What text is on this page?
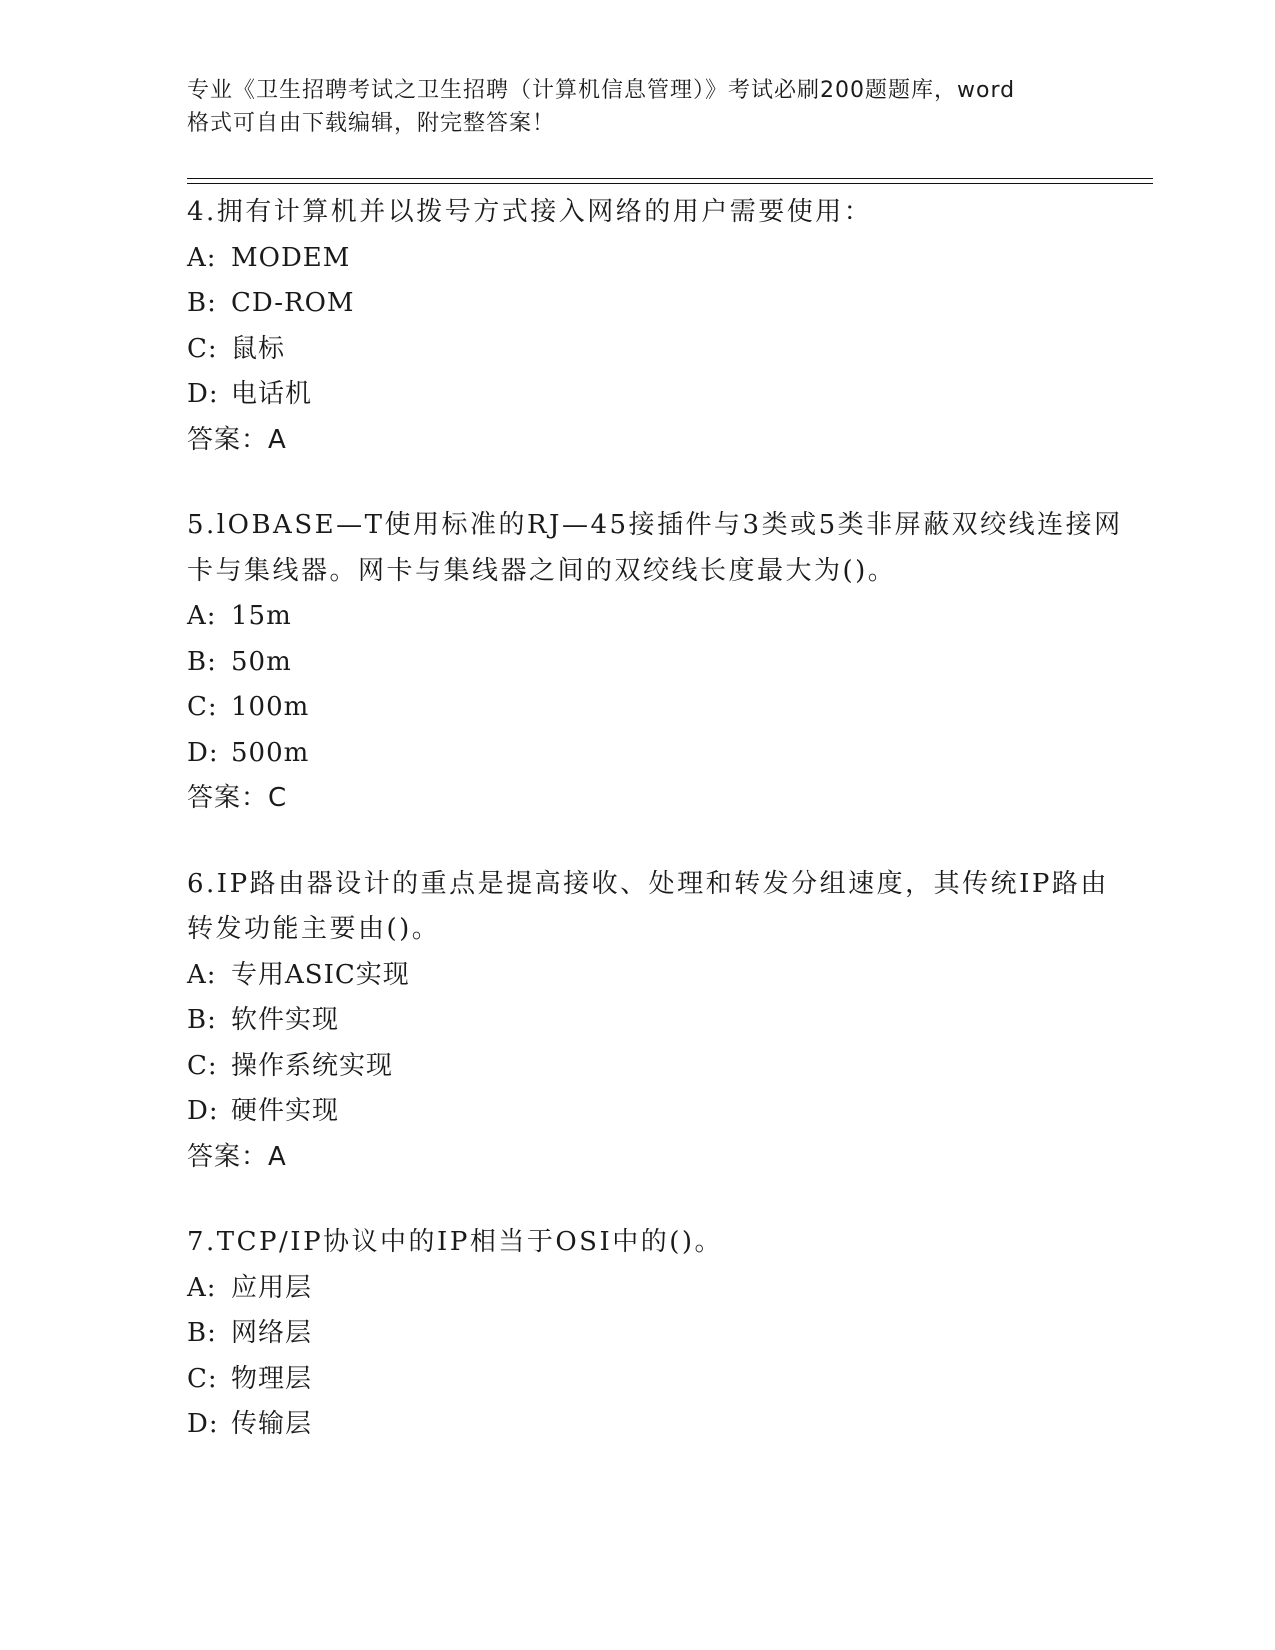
专业《卫生招聘考试之卫生招聘（计算机信息管理）》考试必刷200题题库，word

格式可自由下载编辑，附完整答案！

4.拥有计算机并以拨号方式接入网络的用户需要使用：

A: MODEM

B: CD-ROM

C: 鼠标

D: 电话机

答案：A

5.lOBASE—T使用标准的RJ—45接插件与3类或5类非屏蔽双绞线连接网卡与集线器。网卡与集线器之间的双绞线长度最大为()。

A: 15m

B: 50m

C: 100m

D: 500m

答案：C

6.IP路由器设计的重点是提高接收、处理和转发分组速度，其传统IP路由转发功能主要由()。

A: 专用ASIC实现

B: 软件实现

C: 操作系统实现

D: 硬件实现

答案：A

7.TCP/IP协议中的IP相当于OSI中的()。

A: 应用层

B: 网络层

C: 物理层

D: 传输层
